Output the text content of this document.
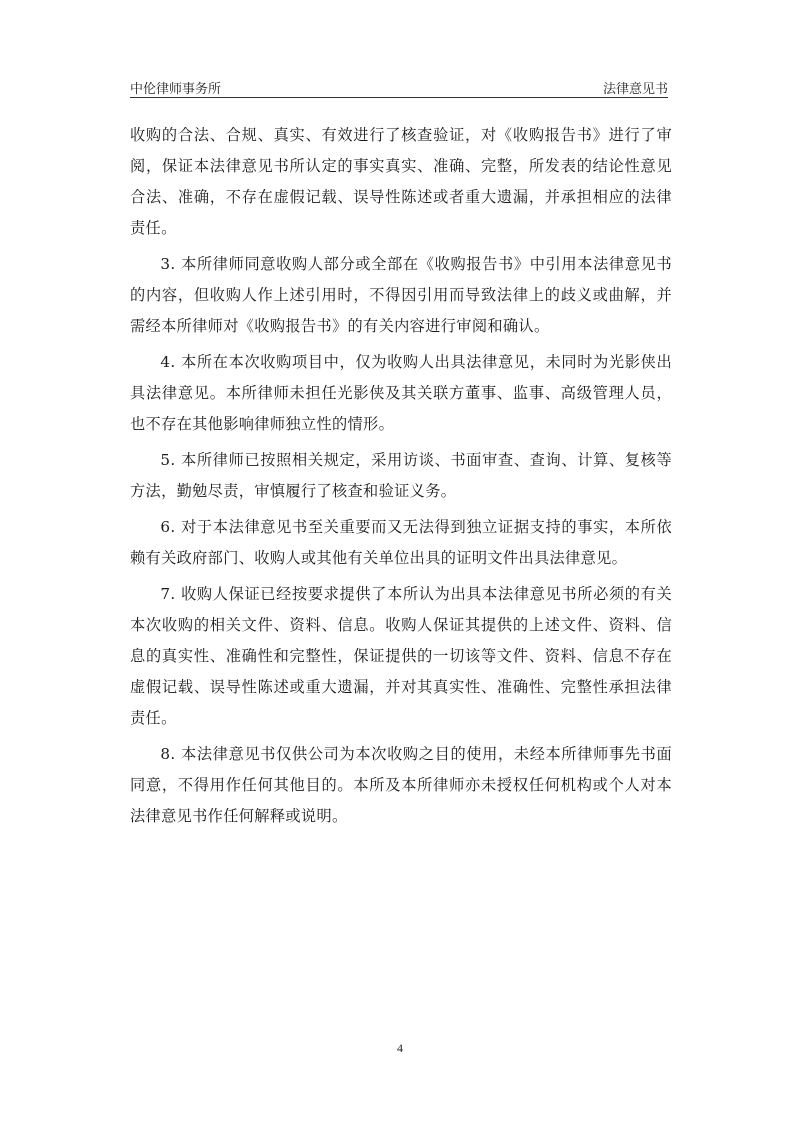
中伦律师事务所	法律意见书

收购的合法、合规、真实、有效进行了核查验证，对《收购报告书》进行了审阅，保证本法律意见书所认定的事实真实、准确、完整，所发表的结论性意见合法、准确，不存在虚假记载、误导性陈述或者重大遗漏，并承担相应的法律责任。

3. 本所律师同意收购人部分或全部在《收购报告书》中引用本法律意见书的内容，但收购人作上述引用时，不得因引用而导致法律上的歧义或曲解，并需经本所律师对《收购报告书》的有关内容进行审阅和确认。

4. 本所在本次收购项目中，仅为收购人出具法律意见，未同时为光影侠出具法律意见。本所律师未担任光影侠及其关联方董事、监事、高级管理人员，也不存在其他影响律师独立性的情形。

5. 本所律师已按照相关规定，采用访谈、书面审查、查询、计算、复核等方法，勤勉尽责，审慎履行了核查和验证义务。

6. 对于本法律意见书至关重要而又无法得到独立证据支持的事实，本所依赖有关政府部门、收购人或其他有关单位出具的证明文件出具法律意见。

7. 收购人保证已经按要求提供了本所认为出具本法律意见书所必须的有关本次收购的相关文件、资料、信息。收购人保证其提供的上述文件、资料、信息的真实性、准确性和完整性，保证提供的一切该等文件、资料、信息不存在虚假记载、误导性陈述或重大遗漏，并对其真实性、准确性、完整性承担法律责任。

8. 本法律意见书仅供公司为本次收购之目的使用，未经本所律师事先书面同意，不得用作任何其他目的。本所及本所律师亦未授权任何机构或个人对本法律意见书作任何解释或说明。

4
